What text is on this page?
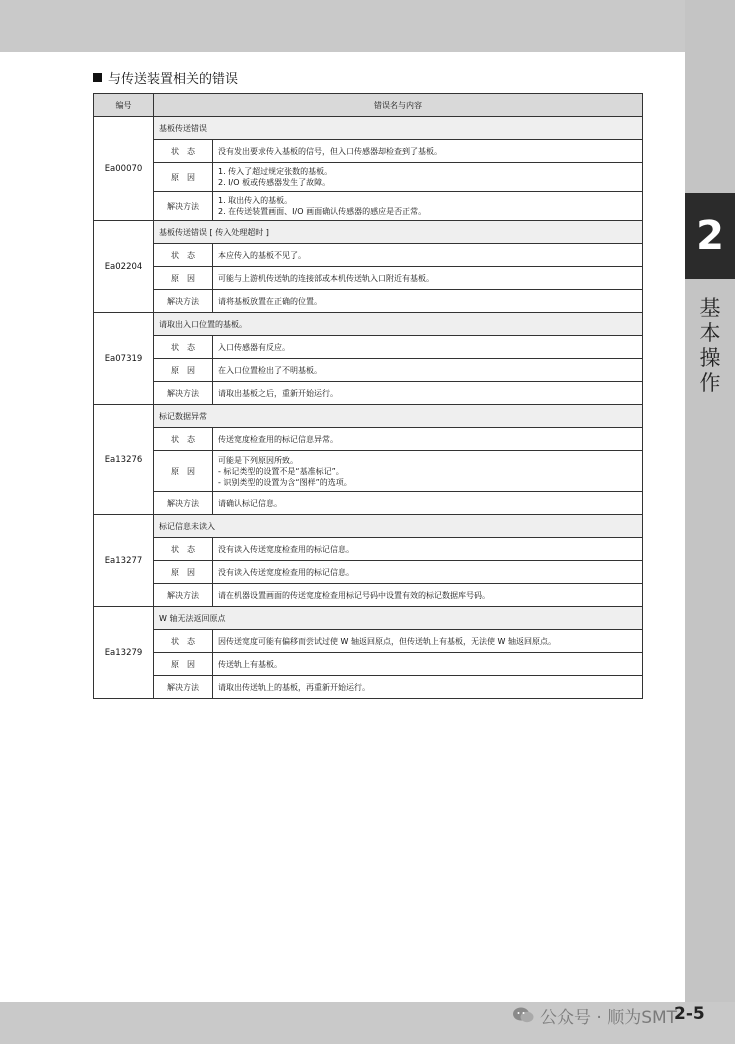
2
基
本
操
作
与传送装置相关的错误
编号	错误名与内容	
Ea00070	基板传送错误	
	状　态	没有发出要求传入基板的信号，但入口传感器却检查到了基板。

	原　因	1. 传入了超过规定张数的基板。
2. I/O 板或传感器发生了故障。

	解决方法	1. 取出传入的基板。
2. 在传送装置画面、I/O 画面确认传感器的感应是否正常。

Ea02204	基板传送错误 [ 传入处理超时 ]	
	状　态	本应传入的基板不见了。

	原　因	可能与上游机传送轨的连接部或本机传送轨入口附近有基板。

	解决方法	请将基板放置在正确的位置。

Ea07319	请取出入口位置的基板。	
	状　态	入口传感器有反应。

	原　因	在入口位置检出了不明基板。

	解决方法	请取出基板之后，重新开始运行。

Ea13276	标记数据异常	
	状　态	传送宽度检查用的标记信息异常。

	原　因	可能是下列原因所致。
- 标记类型的设置不是“基准标记”。
- 识别类型的设置为含“图样”的选项。

	解决方法	请确认标记信息。

Ea13277	标记信息未读入	
	状　态	没有读入传送宽度检查用的标记信息。

	原　因	没有读入传送宽度检查用的标记信息。

	解决方法	请在机器设置画面的传送宽度检查用标记号码中设置有效的标记数据库号码。

Ea13279	W 轴无法返回原点	
	状　态	因传送宽度可能有偏移而尝试过使 W 轴返回原点，但传送轨上有基板，无法使 W 轴返回原点。

	原　因	传送轨上有基板。

	解决方法	请取出传送轨上的基板，再重新开始运行。
公众号 · 顺为SMT
2-5
